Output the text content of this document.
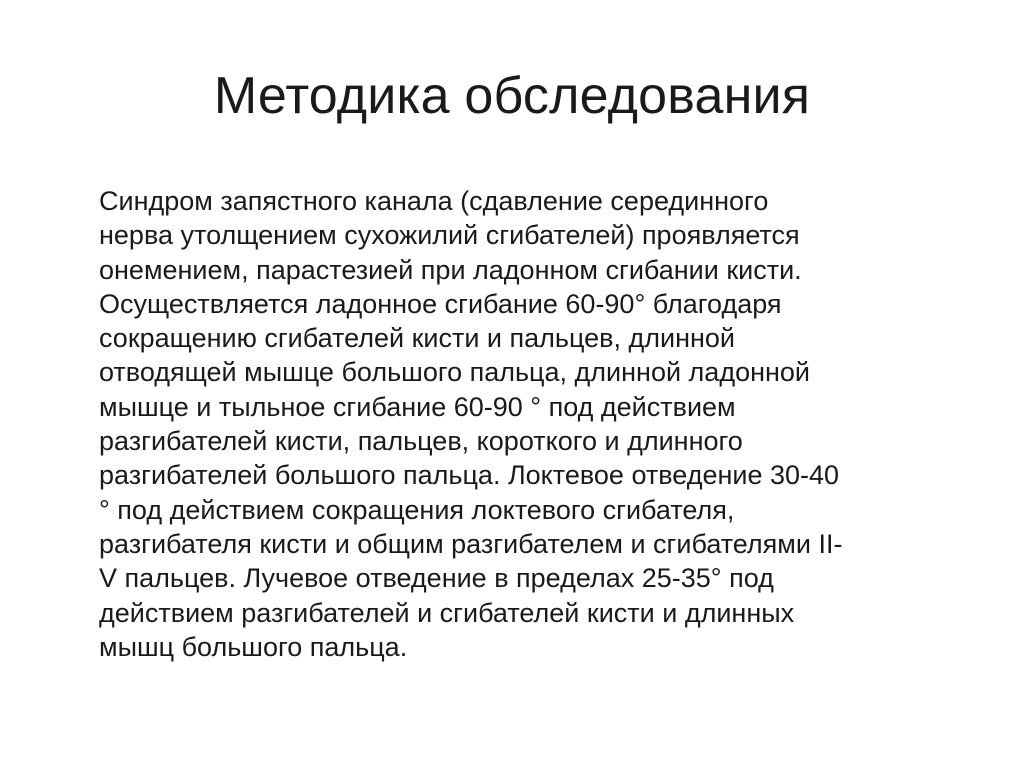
Методика обследования
Синдром запястного канала (сдавление серединного
нерва утолщением сухожилий сгибателей) проявляется
онемением, парастезией при ладонном сгибании кисти.
Осуществляется ладонное сгибание 60-90° благодаря
сокращению сгибателей кисти и пальцев, длинной
отводящей мышце большого пальца, длинной ладонной
мышце и тыльное сгибание 60-90 ° под действием
разгибателей кисти, пальцев, короткого и длинного
разгибателей большого пальца. Локтевое отведение 30-40
° под действием сокращения локтевого сгибателя,
разгибателя кисти и общим разгибателем и сгибателями II-
V пальцев. Лучевое отведение в пределах 25-35° под
действием разгибателей и сгибателей кисти и длинных
мышц большого пальца.
